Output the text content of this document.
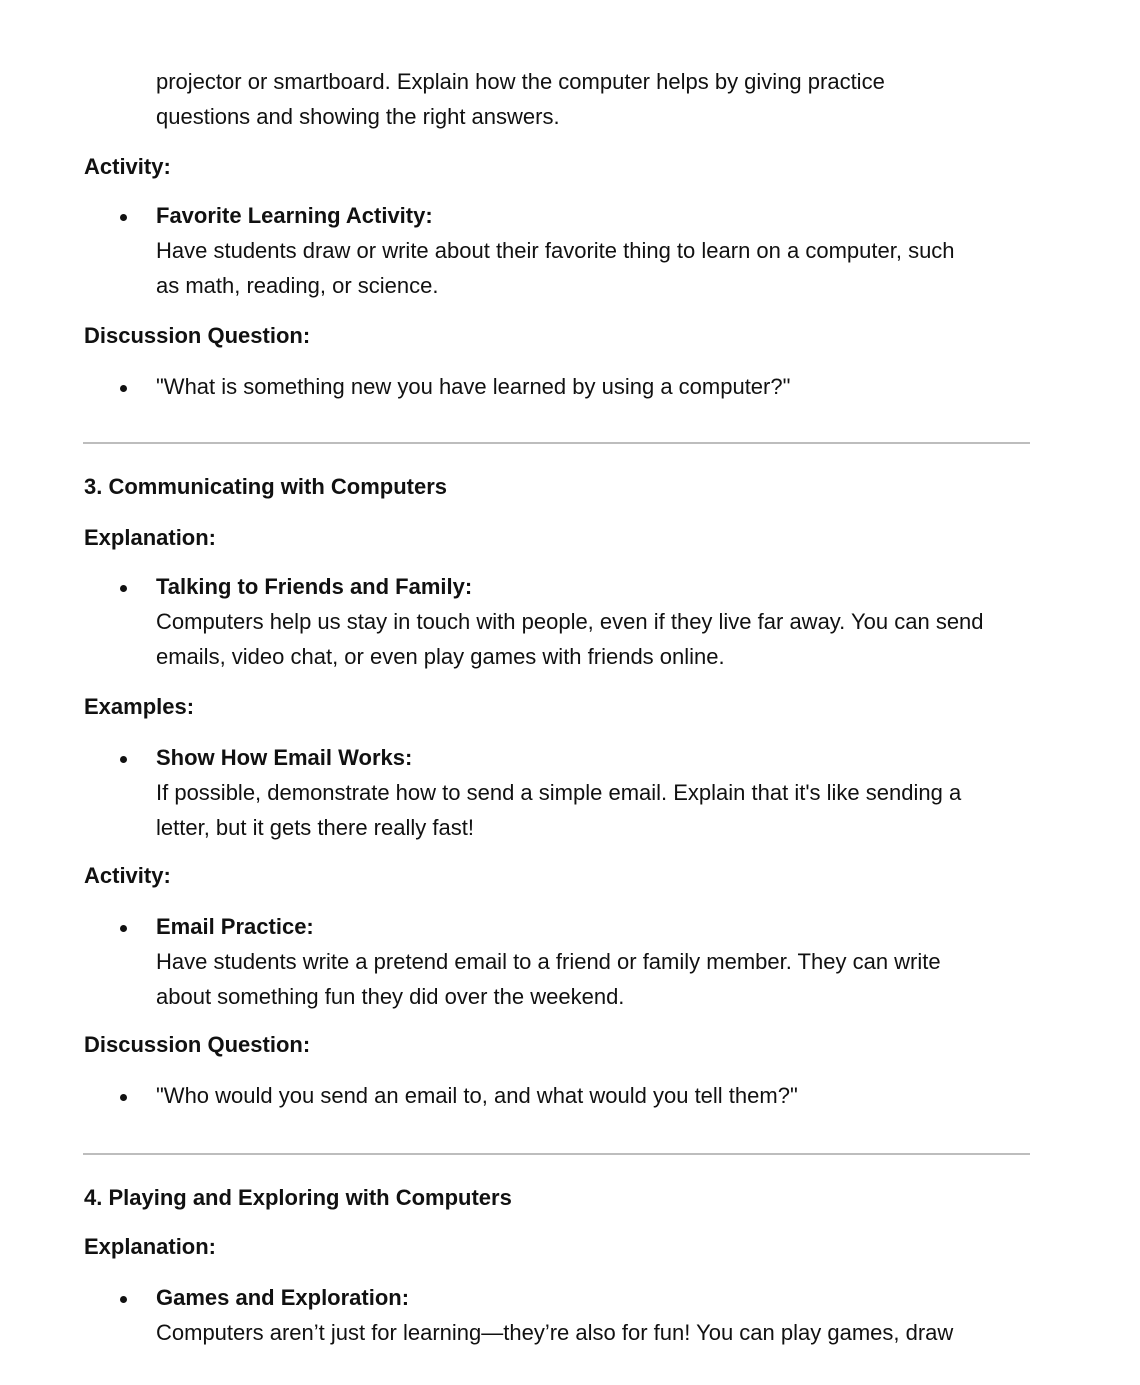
projector or smartboard. Explain how the computer helps by giving practice
questions and showing the right answers.
Activity:
Favorite Learning Activity:
Have students draw or write about their favorite thing to learn on a computer, such
as math, reading, or science.
Discussion Question:
"What is something new you have learned by using a computer?"
3. Communicating with Computers
Explanation:
Talking to Friends and Family:
Computers help us stay in touch with people, even if they live far away. You can send
emails, video chat, or even play games with friends online.
Examples:
Show How Email Works:
If possible, demonstrate how to send a simple email. Explain that it's like sending a
letter, but it gets there really fast!
Activity:
Email Practice:
Have students write a pretend email to a friend or family member. They can write
about something fun they did over the weekend.
Discussion Question:
"Who would you send an email to, and what would you tell them?"
4. Playing and Exploring with Computers
Explanation:
Games and Exploration:
Computers aren’t just for learning—they’re also for fun! You can play games, draw
